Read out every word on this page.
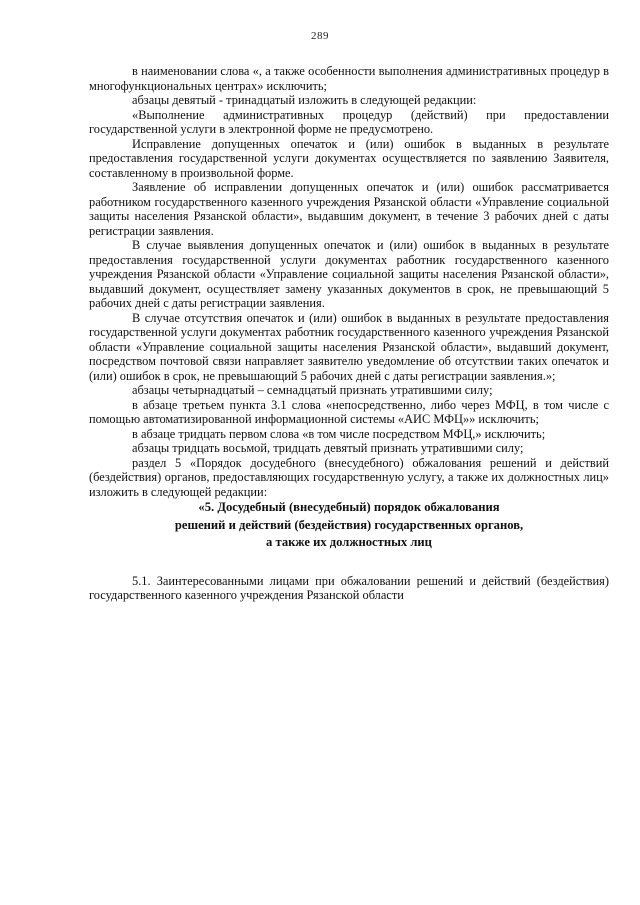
289

в наименовании слова «, а также особенности выполнения административных процедур в многофункциональных центрах» исключить;

абзацы девятый - тринадцатый изложить в следующей редакции:

«Выполнение административных процедур (действий) при предоставлении государственной услуги в электронной форме не предусмотрено.

Исправление допущенных опечаток и (или) ошибок в выданных в результате предоставления государственной услуги документах осуществляется по заявлению Заявителя, составленному в произвольной форме.

Заявление об исправлении допущенных опечаток и (или) ошибок рассматривается работником государственного казенного учреждения Рязанской области «Управление социальной защиты населения Рязанской области», выдавшим документ, в течение 3 рабочих дней с даты регистрации заявления.

В случае выявления допущенных опечаток и (или) ошибок в выданных в результате предоставления государственной услуги документах работник государственного казенного учреждения Рязанской области «Управление социальной защиты населения Рязанской области», выдавший документ, осуществляет замену указанных документов в срок, не превышающий 5 рабочих дней с даты регистрации заявления.

В случае отсутствия опечаток и (или) ошибок в выданных в результате предоставления государственной услуги документах работник государственного казенного учреждения Рязанской области «Управление социальной защиты населения Рязанской области», выдавший документ, посредством почтовой связи направляет заявителю уведомление об отсутствии таких опечаток и (или) ошибок в срок, не превышающий 5 рабочих дней с даты регистрации заявления.»;

абзацы четырнадцатый – семнадцатый признать утратившими силу;

в абзаце третьем пункта 3.1 слова «непосредственно, либо через МФЦ, в том числе с помощью автоматизированной информационной системы «АИС МФЦ»» исключить;

в абзаце тридцать первом слова «в том числе посредством МФЦ,» исключить;

абзацы тридцать восьмой, тридцать девятый признать утратившими силу;

раздел 5 «Порядок досудебного (внесудебного) обжалования решений и действий (бездействия) органов, предоставляющих государственную услугу, а также их должностных лиц» изложить в следующей редакции:

«5. Досудебный (внесудебный) порядок обжалования
решений и действий (бездействия) государственных органов,
а также их должностных лиц

5.1. Заинтересованными лицами при обжаловании решений и действий (бездействия) государственного казенного учреждения Рязанской области
